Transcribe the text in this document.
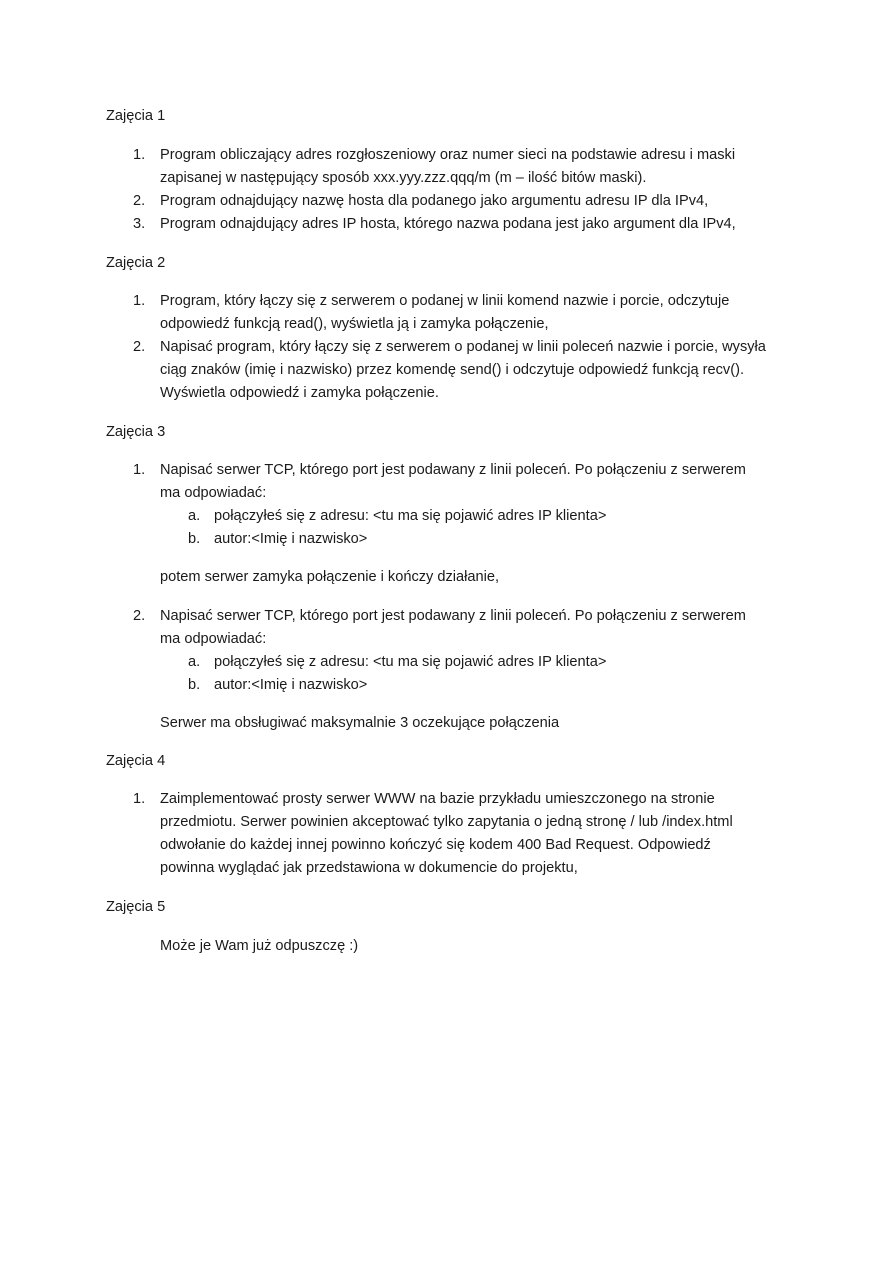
Zajęcia 1
1.	Program obliczający adres rozgłoszeniowy oraz numer sieci na podstawie adresu i maski
zapisanej w następujący sposób xxx.yyy.zzz.qqq/m (m – ilość bitów maski).

2.	Program odnajdujący nazwę hosta dla podanego jako argumentu adresu IP dla IPv4,

3.	Program odnajdujący adres IP hosta, którego nazwa podana jest jako argument dla IPv4,

Zajęcia 2
1.	Program, który łączy się z serwerem o podanej w linii komend nazwie i porcie, odczytuje
odpowiedź funkcją read(), wyświetla ją i zamyka połączenie,

2.	Napisać program, który łączy się z serwerem o podanej w linii poleceń nazwie i porcie, wysyła
ciąg znaków (imię i nazwisko) przez komendę send() i odczytuje odpowiedź funkcją recv().
Wyświetla odpowiedź i zamyka połączenie.

Zajęcia 3
1.	Napisać serwer TCP, którego port jest podawany z linii poleceń. Po połączeniu z serwerem
ma odpowiadać:

a. połączyłeś się z adresu: <tu ma się pojawić adres IP klienta>
b. autor:<Imię i nazwisko>

potem serwer zamyka połączenie i kończy działanie,

2.	Napisać serwer TCP, którego port jest podawany z linii poleceń. Po połączeniu z serwerem
ma odpowiadać:

a. połączyłeś się z adresu: <tu ma się pojawić adres IP klienta>
b. autor:<Imię i nazwisko>

Serwer ma obsługiwać maksymalnie 3 oczekujące połączenia

Zajęcia 4
1.	Zaimplementować prosty serwer WWW na bazie przykładu umieszczonego na stronie
przedmiotu. Serwer powinien akceptować tylko zapytania o jedną stronę / lub /index.html
odwołanie do każdej innej powinno kończyć się kodem 400 Bad Request. Odpowiedź
powinna wyglądać jak przedstawiona w dokumencie do projektu,

Zajęcia 5

Może je Wam już odpuszczę :)
